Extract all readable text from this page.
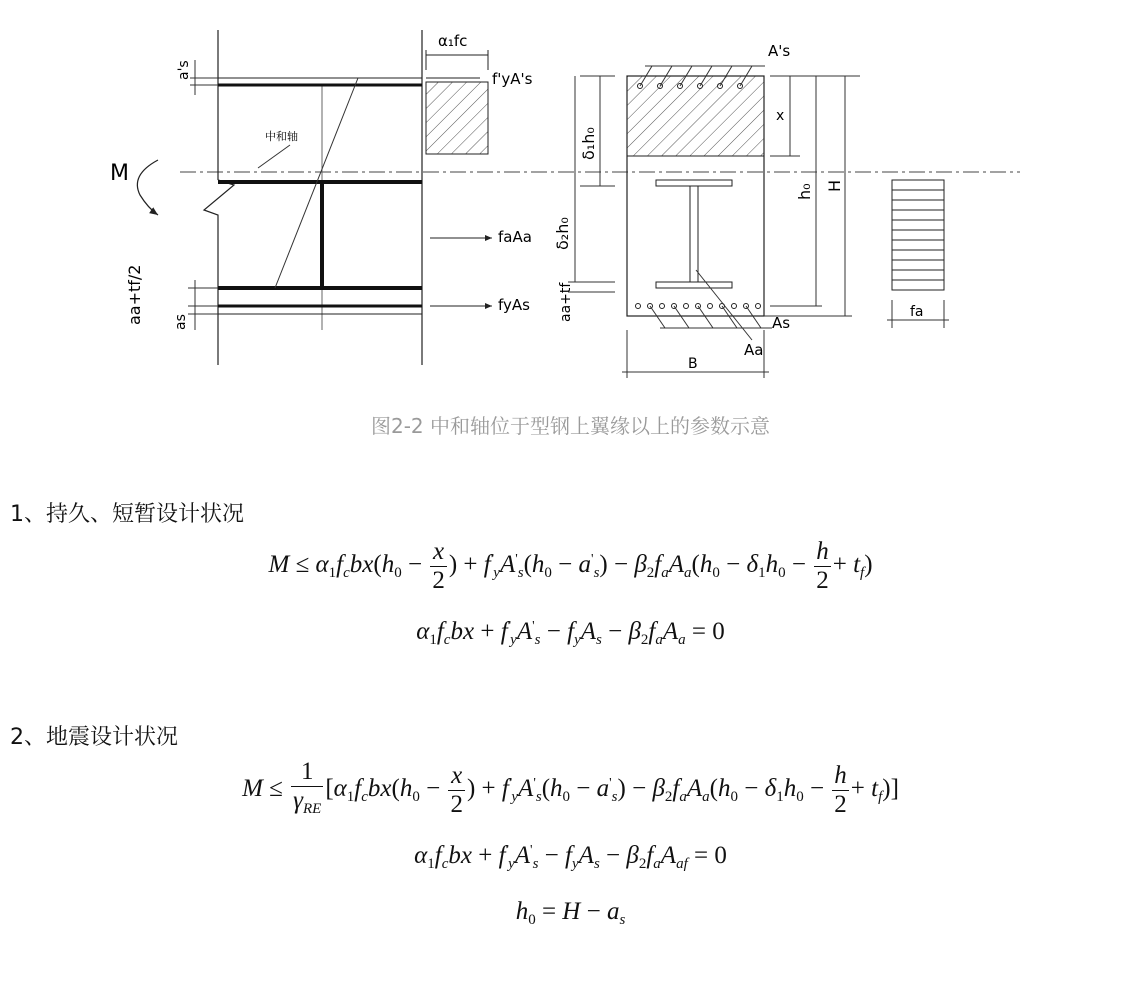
中和轴
M
a's
aa+tf/2 as
α₁fc
f'yA's
faAa
fyAs
A's
As
Aa
δ₁h₀
δ₂h₀
aa+tf
x
h₀ H
B
fa
图2-2 中和轴位于型钢上翼缘以上的参数示意
1、持久、短暂设计状况
$M \le \alpha_1f_cbx(h_0 - \frac{x}{2}$ ) + $f'_yA'_s(h_0 - a'_s) - \beta_2f_aA_a(h_0 - \delta_1h_0 - \frac{h}{2} + t_f)$
$\alpha_1f_cbx + f'_yA'_s - f_yA_s - \beta_2f_aA_a = 0$
2、地震设计状况
$M \le \frac{1}{\gamma_{RE}} [\alpha_1f_cbx(h_0 - \frac{x}{2}$ ) + $f'_yA'_s(h_0 - a'_s) - \beta_2f_aA_a(h_0 - \delta_1h_0 - \frac{h}{2} + t_f)$]
$\alpha_1f_cbx + f'_yA'_s - f_yA_s - \beta_2f_aA_{af} = 0$
$h_0 = H - a_s$
